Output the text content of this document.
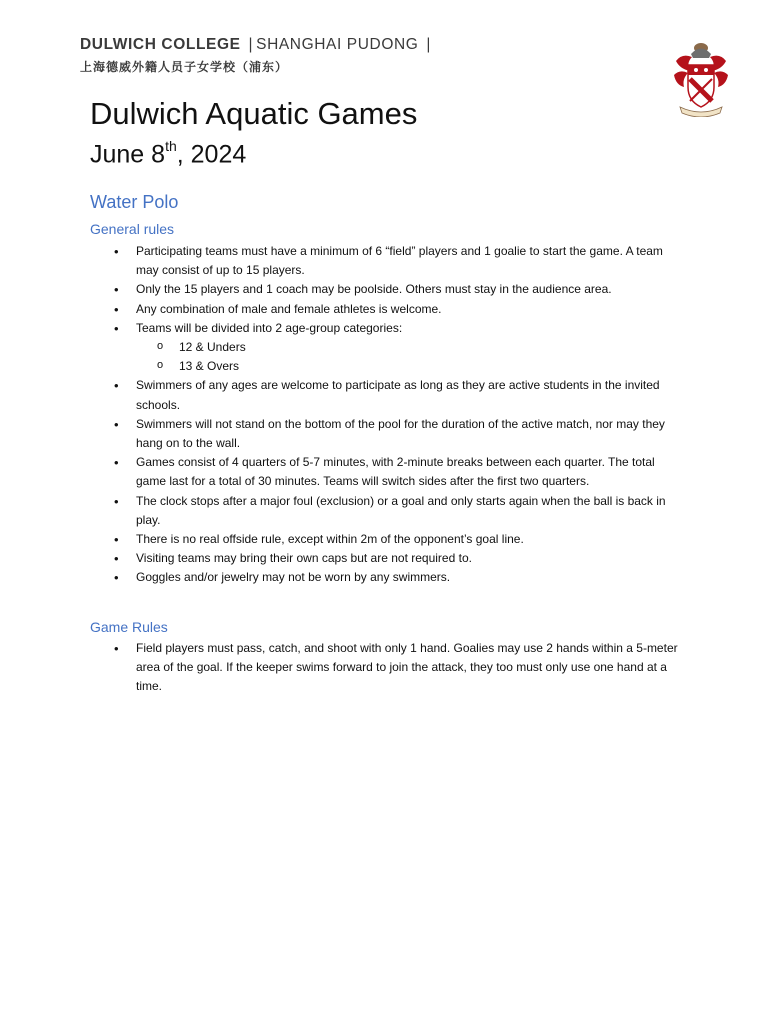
DULWICH COLLEGE | SHANGHAI PUDONG |
上海德威外籍人员子女学校（浦东）
Dulwich Aquatic Games
June 8th, 2024
Water Polo
General rules
• Participating teams must have a minimum of 6 “field” players and 1 goalie to start the game. A team may consist of up to 15 players.
• Only the 15 players and 1 coach may be poolside. Others must stay in the audience area.
• Any combination of male and female athletes is welcome.
• Teams will be divided into 2 age-group categories:
o 12 & Unders
o 13 & Overs
• Swimmers of any ages are welcome to participate as long as they are active students in the invited schools.
• Swimmers will not stand on the bottom of the pool for the duration of the active match, nor may they hang on to the wall.
• Games consist of 4 quarters of 5-7 minutes, with 2-minute breaks between each quarter. The total game last for a total of 30 minutes. Teams will switch sides after the first two quarters.
• The clock stops after a major foul (exclusion) or a goal and only starts again when the ball is back in play.
• There is no real offside rule, except within 2m of the opponent’s goal line.
• Visiting teams may bring their own caps but are not required to.
• Goggles and/or jewelry may not be worn by any swimmers.
Game Rules
• Field players must pass, catch, and shoot with only 1 hand. Goalies may use 2 hands within a 5-meter area of the goal. If the keeper swims forward to join the attack, they too must only use one hand at a time.
